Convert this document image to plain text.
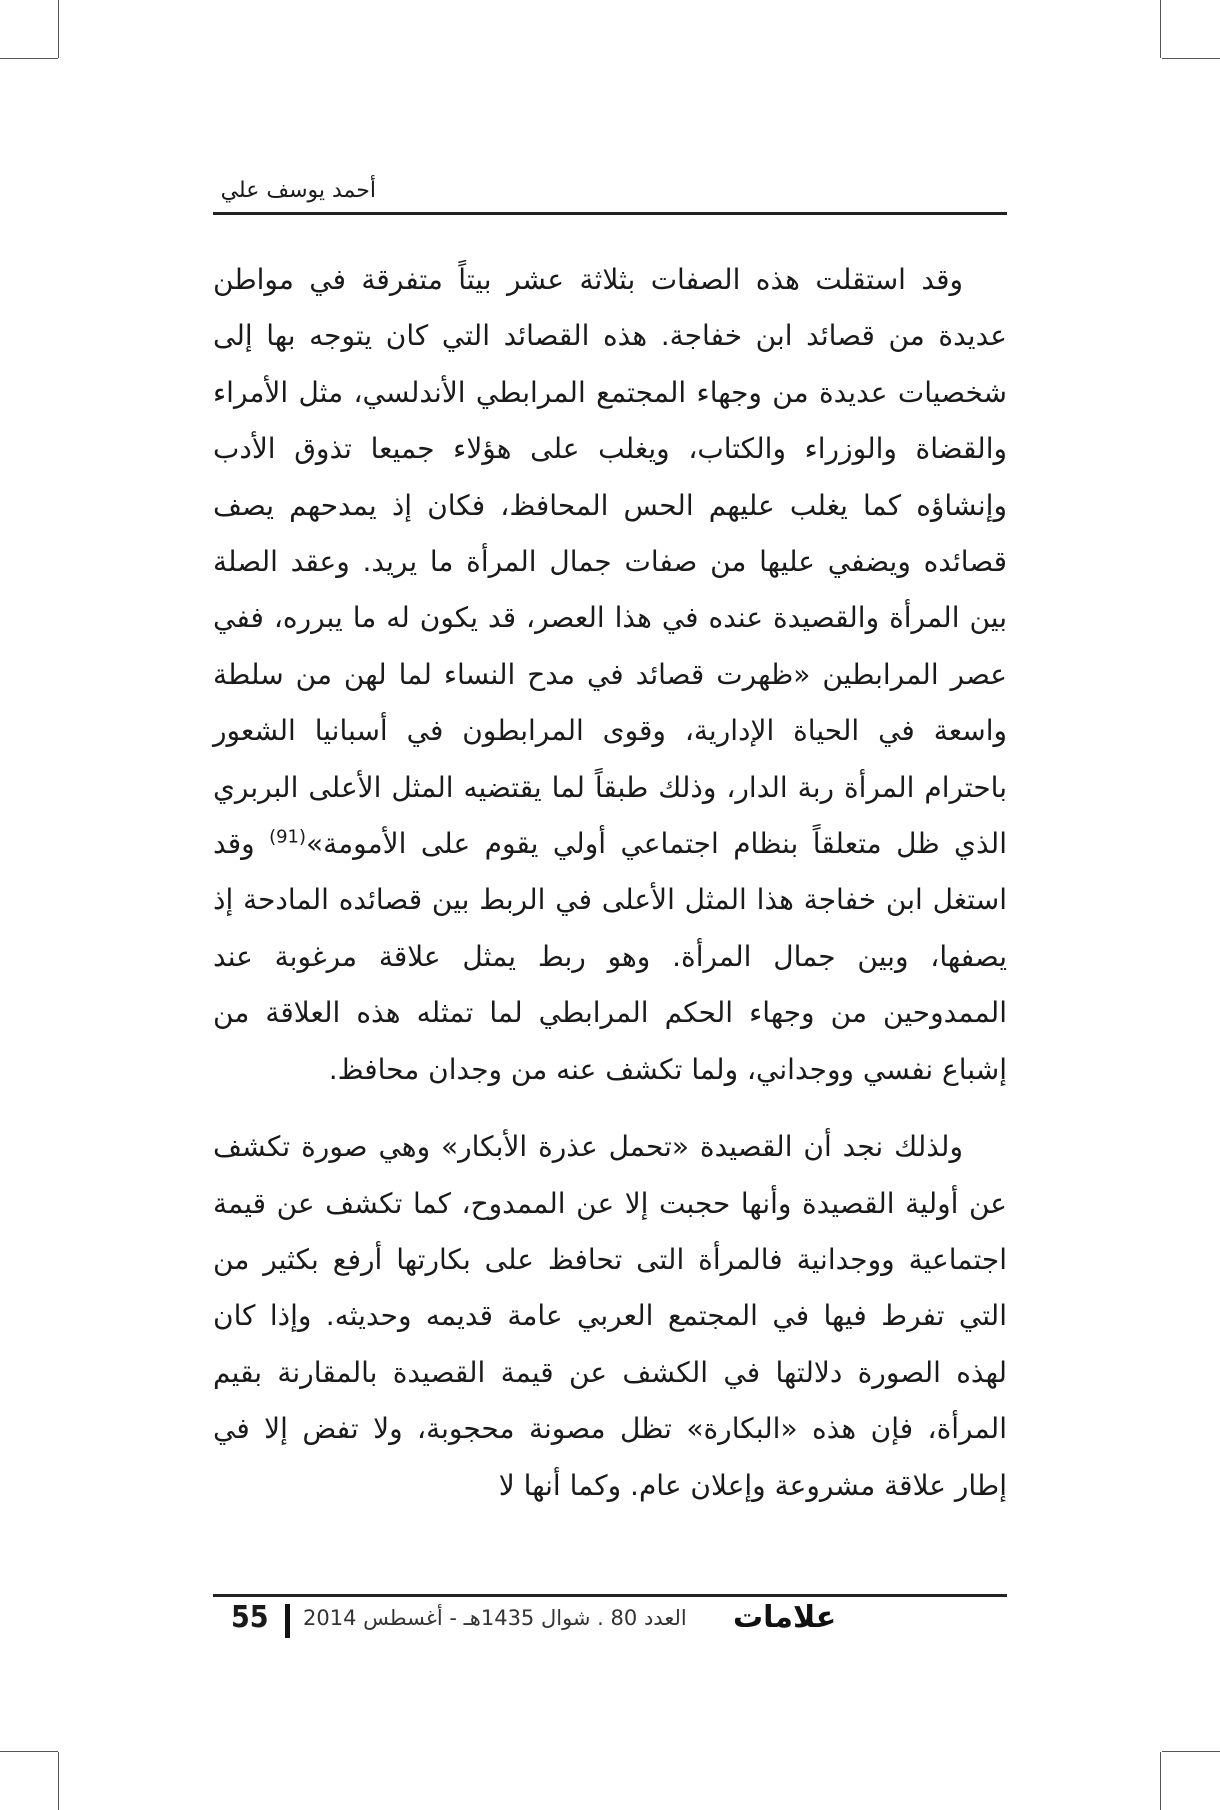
أحمد يوسف علي

وقد استقلت هذه الصفات بثلاثة عشر بيتاً متفرقة في مواطن عديدة من قصائد ابن خفاجة. هذه القصائد التي كان يتوجه بها إلى شخصيات عديدة من وجهاء المجتمع المرابطي الأندلسي، مثل الأمراء والقضاة والوزراء والكتاب، ويغلب على هؤلاء جميعا تذوق الأدب وإنشاؤه كما يغلب عليهم الحس المحافظ، فكان إذ يمدحهم يصف قصائده ويضفي عليها من صفات جمال المرأة ما يريد. وعقد الصلة بين المرأة والقصيدة عنده في هذا العصر، قد يكون له ما يبرره، ففي عصر المرابطين «ظهرت قصائد في مدح النساء لما لهن من سلطة واسعة في الحياة الإدارية، وقوى المرابطون في أسبانيا الشعور باحترام المرأة ربة الدار، وذلك طبقاً لما يقتضيه المثل الأعلى البربري الذي ظل متعلقاً بنظام اجتماعي أولي يقوم على الأمومة»$^{(91)}$ وقد استغل ابن خفاجة هذا المثل الأعلى في الربط بين قصائده المادحة إذ يصفها، وبين جمال المرأة. وهو ربط يمثل علاقة مرغوبة عند الممدوحين من وجهاء الحكم المرابطي لما تمثله هذه العلاقة من إشباع نفسي ووجداني، ولما تكشف عنه من وجدان محافظ.

ولذلك نجد أن القصيدة «تحمل عذرة الأبكار» وهي صورة تكشف عن أولية القصيدة وأنها حجبت إلا عن الممدوح، كما تكشف عن قيمة اجتماعية ووجدانية فالمرأة التى تحافظ على بكارتها أرفع بكثير من التي تفرط فيها في المجتمع العربي عامة قديمه وحديثه. وإذا كان لهذه الصورة دلالتها في الكشف عن قيمة القصيدة بالمقارنة بقيم المرأة، فإن هذه «البكارة» تظل مصونة محجوبة، ولا تفض إلا في إطار علاقة مشروعة وإعلان عام. وكما أنها لا

55 العدد 80 . شوال 1435هـ - أغسطس 2014 علامات
